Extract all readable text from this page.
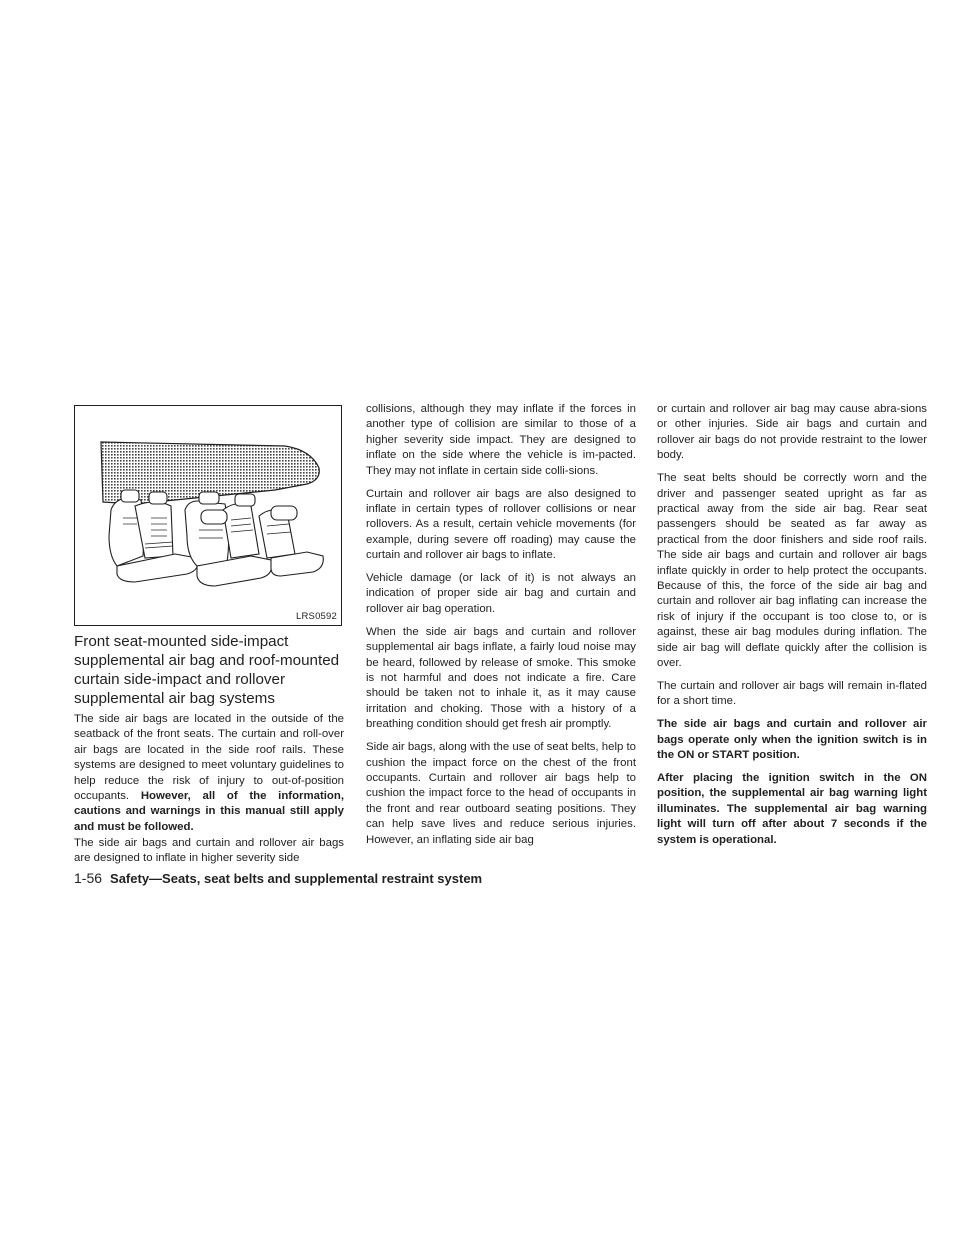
LRS0592
Front seat-mounted side-impact supplemental air bag and roof-mounted curtain side-impact and rollover supplemental air bag systems

The side air bags are located in the outside of the seatback of the front seats. The curtain and roll-over air bags are located in the side roof rails. These systems are designed to meet voluntary guidelines to help reduce the risk of injury to out-of-position occupants. However, all of the information, cautions and warnings in this manual still apply and must be followed.

The side air bags and curtain and rollover air bags are designed to inflate in higher severity side

collisions, although they may inflate if the forces in another type of collision are similar to those of a higher severity side impact. They are designed to inflate on the side where the vehicle is im-pacted. They may not inflate in certain side colli-sions.

Curtain and rollover air bags are also designed to inflate in certain types of rollover collisions or near rollovers. As a result, certain vehicle movements (for example, during severe off roading) may cause the curtain and rollover air bags to inflate.

Vehicle damage (or lack of it) is not always an indication of proper side air bag and curtain and rollover air bag operation.

When the side air bags and curtain and rollover supplemental air bags inflate, a fairly loud noise may be heard, followed by release of smoke. This smoke is not harmful and does not indicate a fire. Care should be taken not to inhale it, as it may cause irritation and choking. Those with a history of a breathing condition should get fresh air promptly.

Side air bags, along with the use of seat belts, help to cushion the impact force on the chest of the front occupants. Curtain and rollover air bags help to cushion the impact force to the head of occupants in the front and rear outboard seating positions. They can help save lives and reduce serious injuries. However, an inflating side air bag

or curtain and rollover air bag may cause abra-sions or other injuries. Side air bags and curtain and rollover air bags do not provide restraint to the lower body.

The seat belts should be correctly worn and the driver and passenger seated upright as far as practical away from the side air bag. Rear seat passengers should be seated as far away as practical from the door finishers and side roof rails. The side air bags and curtain and rollover air bags inflate quickly in order to help protect the occupants. Because of this, the force of the side air bag and curtain and rollover air bag inflating can increase the risk of injury if the occupant is too close to, or is against, these air bag modules during inflation. The side air bag will deflate quickly after the collision is over.

The curtain and rollover air bags will remain in-flated for a short time.

The side air bags and curtain and rollover air bags operate only when the ignition switch is in the ON or START position.

After placing the ignition switch in the ON position, the supplemental air bag warning light illuminates. The supplemental air bag warning light will turn off after about 7 seconds if the system is operational.

1-56 Safety—Seats, seat belts and supplemental restraint system
